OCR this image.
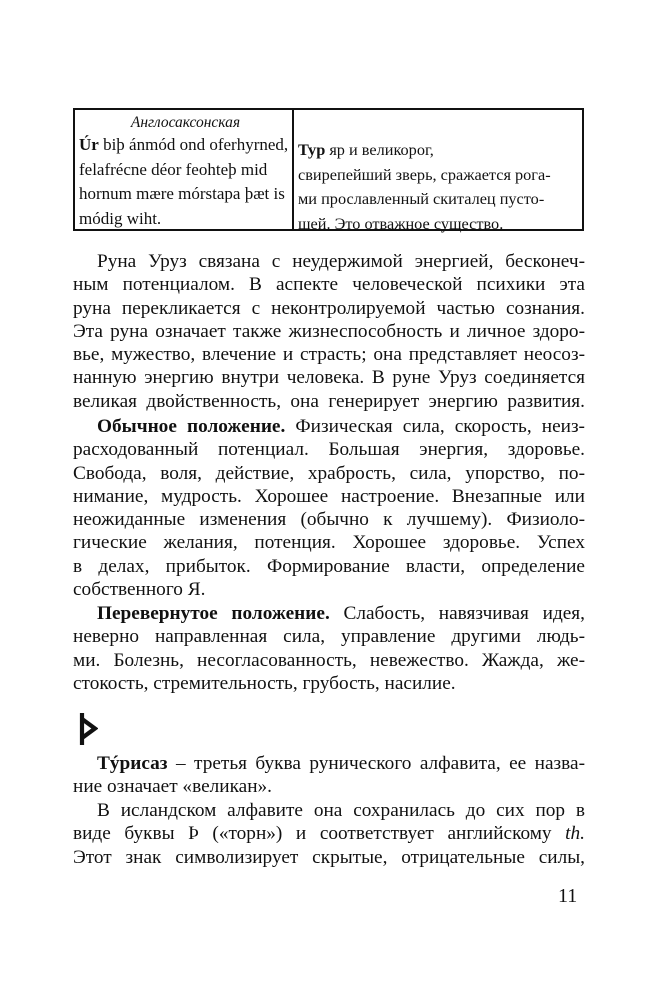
Англосаксонская
Úr biþ ánmód ond oferhyrned,
felafrécne déor feohteþ mid
hornum mære mórstapa þæt is
módig wiht.
Тур яр и великорог,
свирепейший зверь, сражается рога-
ми прославленный скиталец пусто-
шей. Это отважное существо.
Руна Уруз связана с неудержимой энергией, бесконеч-
ным потенциалом. В аспекте человеческой психики эта
руна перекликается с неконтролируемой частью сознания.
Эта руна означает также жизнеспособность и личное здоро-
вье, мужество, влечение и страсть; она представляет неосоз-
нанную энергию внутри человека. В руне Уруз соединяется
великая двойственность, она генерирует энергию развития.
Обычное положение. Физическая сила, скорость, неиз-
расходованный потенциал. Большая энергия, здоровье.
Свобода, воля, действие, храбрость, сила, упорство, по-
нимание, мудрость. Хорошее настроение. Внезапные или
неожиданные изменения (обычно к лучшему). Физиоло-
гические желания, потенция. Хорошее здоровье. Успех
в делах, прибыток. Формирование власти, определение
собственного Я.
Перевернутое положение. Слабость, навязчивая идея,
неверно направленная сила, управление другими людь-
ми. Болезнь, несогласованность, невежество. Жажда, же-
стокость, стремительность, грубость, насилие.
Тýрисаз – третья буква рунического алфавита, ее назва-
ние означает «великан».
В исландском алфавите она сохранилась до сих пор в
виде буквы Þ («торн») и соответствует английскому th.
Этот знак символизирует скрытые, отрицательные силы,
11
